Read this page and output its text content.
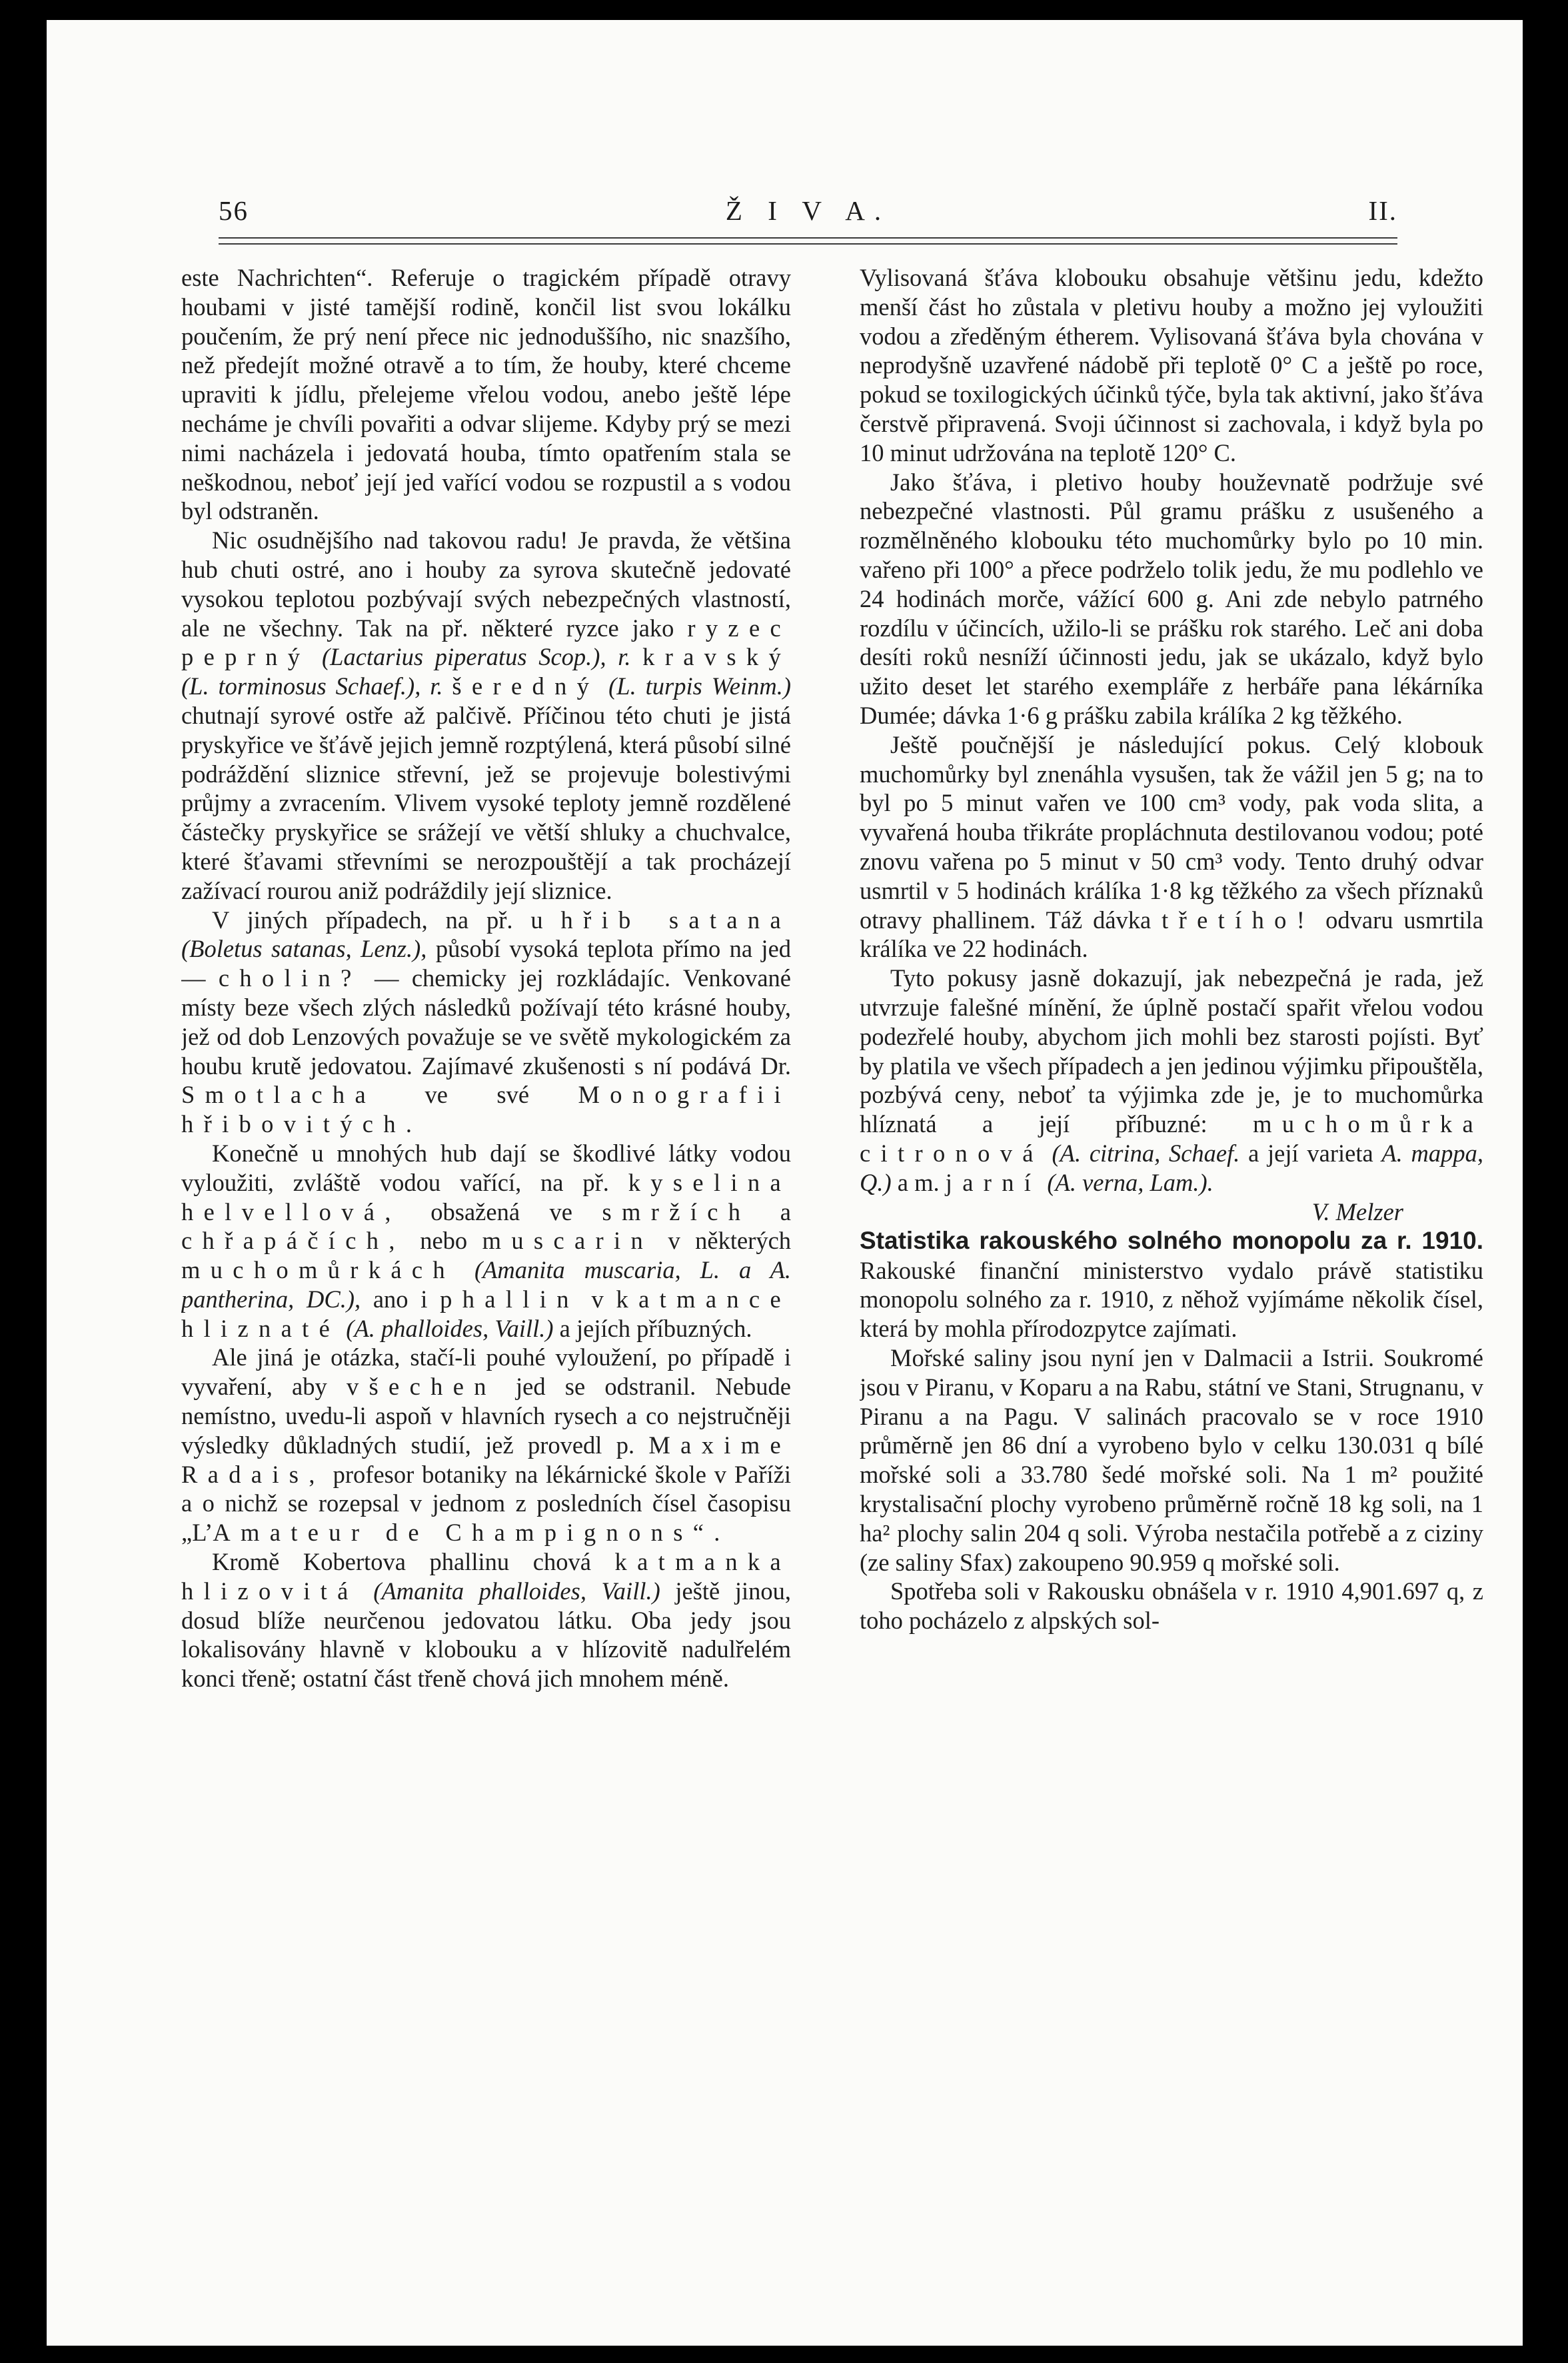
56	Ž I V A.	II.

este Nachrichten“. Referuje o tragickém případě otravy houbami v jisté tamější rodině, končil list svou lokálku poučením, že prý není přece nic jednoduššího, nic snazšího, než předejít možné otravě a to tím, že houby, které chceme upraviti k jídlu, přelejeme vřelou vodou, anebo ještě lépe necháme je chvíli povařiti a odvar slijeme. Kdyby prý se mezi nimi nacházela i jedovatá houba, tímto opatřením stala se neškodnou, neboť její jed vařící vodou se rozpustil a s vodou byl odstraněn.

Nic osudnějšího nad takovou radu! Je pravda, že většina hub chuti ostré, ano i houby za syrova skutečně jedovaté vysokou teplotou pozbývají svých nebezpečných vlastností, ale ne všechny. Tak na př. některé ryzce jako ryzec peprný (Lactarius piperatus Scop.), r. kravský (L. torminosus Schaef.), r. šeredný (L. turpis Weinm.) chutnají syrové ostře až palčivě. Příčinou této chuti je jistá pryskyřice ve šťávě jejich jemně rozptýlená, která působí silné podráždění sliznice střevní, jež se projevuje bolestivými průjmy a zvracením. Vlivem vysoké teploty jemně rozdělené částečky pryskyřice se srážejí ve větší shluky a chuchvalce, které šťavami střevními se nerozpouštějí a tak procházejí zažívací rourou aniž podráždily její sliznice.

V jiných případech, na př. u hřib satana (Boletus satanas, Lenz.), působí vysoká teplota přímo na jed — cholin? — chemicky jej rozkládajíc. Venkované místy beze všech zlých následků požívají této krásné houby, jež od dob Lenzových považuje se ve světě mykologickém za houbu krutě jedovatou. Zajímavé zkušenosti s ní podává Dr. Smotlacha ve své Monografii hřibovitých.

Konečně u mnohých hub dají se škodlivé látky vodou vyloužiti, zvláště vodou vařící, na př. kyselina helvellová, obsažená ve smržích a chřapáčích, nebo muscarin v některých muchomůrkách (Amanita muscaria, L. a A. pantherina, DC.), ano i phallin v katmance hliznaté (A. phalloides, Vaill.) a jejích příbuzných.

Ale jiná je otázka, stačí-li pouhé vyloužení, po případě i vyvaření, aby všechen jed se odstranil. Nebude nemístno, uvedu-li aspoň v hlavních rysech a co nejstručněji výsledky důkladných studií, jež provedl p. Maxime Radais, profesor botaniky na lékárnické škole v Paříži a o nichž se rozepsal v jednom z posledních čísel časopisu „L’Amateur de Champignons“.

Kromě Kobertova phallinu chová katmanka hlizovitá (Amanita phalloides, Vaill.) ještě jinou, dosud blíže neurčenou jedovatou látku. Oba jedy jsou lokalisovány hlavně v klobouku a v hlízovitě nadulřelém konci třeně; ostatní část třeně chová jich mnohem méně.

Vylisovaná šťáva klobouku obsahuje většinu jedu, kdežto menší část ho zůstala v pletivu houby a možno jej vyloužiti vodou a zředěným étherem. Vylisovaná šťáva byla chována v neprodyšně uzavřené nádobě při teplotě 0° C a ještě po roce, pokud se toxilogických účinků týče, byla tak aktivní, jako šťáva čerstvě připravená. Svoji účinnost si zachovala, i když byla po 10 minut udržována na teplotě 120° C.

Jako šťáva, i pletivo houby houževnatě podržuje své nebezpečné vlastnosti. Půl gramu prášku z usušeného a rozmělněného klobouku této muchomůrky bylo po 10 min. vařeno při 100° a přece podrželo tolik jedu, že mu podlehlo ve 24 hodinách morče, vážící 600 g. Ani zde nebylo patrného rozdílu v účincích, užilo-li se prášku rok starého. Leč ani doba desíti roků nesníží účinnosti jedu, jak se ukázalo, když bylo užito deset let starého exempláře z herbáře pana lékárníka Dumée; dávka 1·6 g prášku zabila králíka 2 kg těžkého.

Ještě poučnější je následující pokus. Celý klobouk muchomůrky byl znenáhla vysušen, tak že vážil jen 5 g; na to byl po 5 minut vařen ve 100 cm³ vody, pak voda slita, a vyvařená houba třikráte propláchnuta destilovanou vodou; poté znovu vařena po 5 minut v 50 cm³ vody. Tento druhý odvar usmrtil v 5 hodinách králíka 1·8 kg těžkého za všech příznaků otravy phallinem. Táž dávka třetího! odvaru usmrtila králíka ve 22 hodinách.

Tyto pokusy jasně dokazují, jak nebezpečná je rada, jež utvrzuje falešné mínění, že úplně postačí spařit vřelou vodou podezřelé houby, abychom jich mohli bez starosti pojísti. Byť by platila ve všech případech a jen jedinou výjimku připouštěla, pozbývá ceny, neboť ta výjimka zde je, je to muchomůrka hlíznatá a její příbuzné: muchomůrka citronová (A. citrina, Schaef. a její varieta A. mappa, Q.) a m. jarní (A. verna, Lam.).

V. Melzer

Statistika rakouského solného monopolu za r. 1910. Rakouské finanční ministerstvo vydalo právě statistiku monopolu solného za r. 1910, z něhož vyjímáme několik čísel, která by mohla přírodozpytce zajímati.

Mořské saliny jsou nyní jen v Dalmacii a Istrii. Soukromé jsou v Piranu, v Koparu a na Rabu, státní ve Stani, Strugnanu, v Piranu a na Pagu. V salinách pracovalo se v roce 1910 průměrně jen 86 dní a vyrobeno bylo v celku 130.031 q bílé mořské soli a 33.780 šedé mořské soli. Na 1 m² použité krystalisační plochy vyrobeno průměrně ročně 18 kg soli, na 1 ha² plochy salin 204 q soli. Výroba nestačila potřebě a z ciziny (ze saliny Sfax) zakoupeno 90.959 q mořské soli.

Spotřeba soli v Rakousku obnášela v r. 1910 4,901.697 q, z toho pocházelo z alpských sol-
